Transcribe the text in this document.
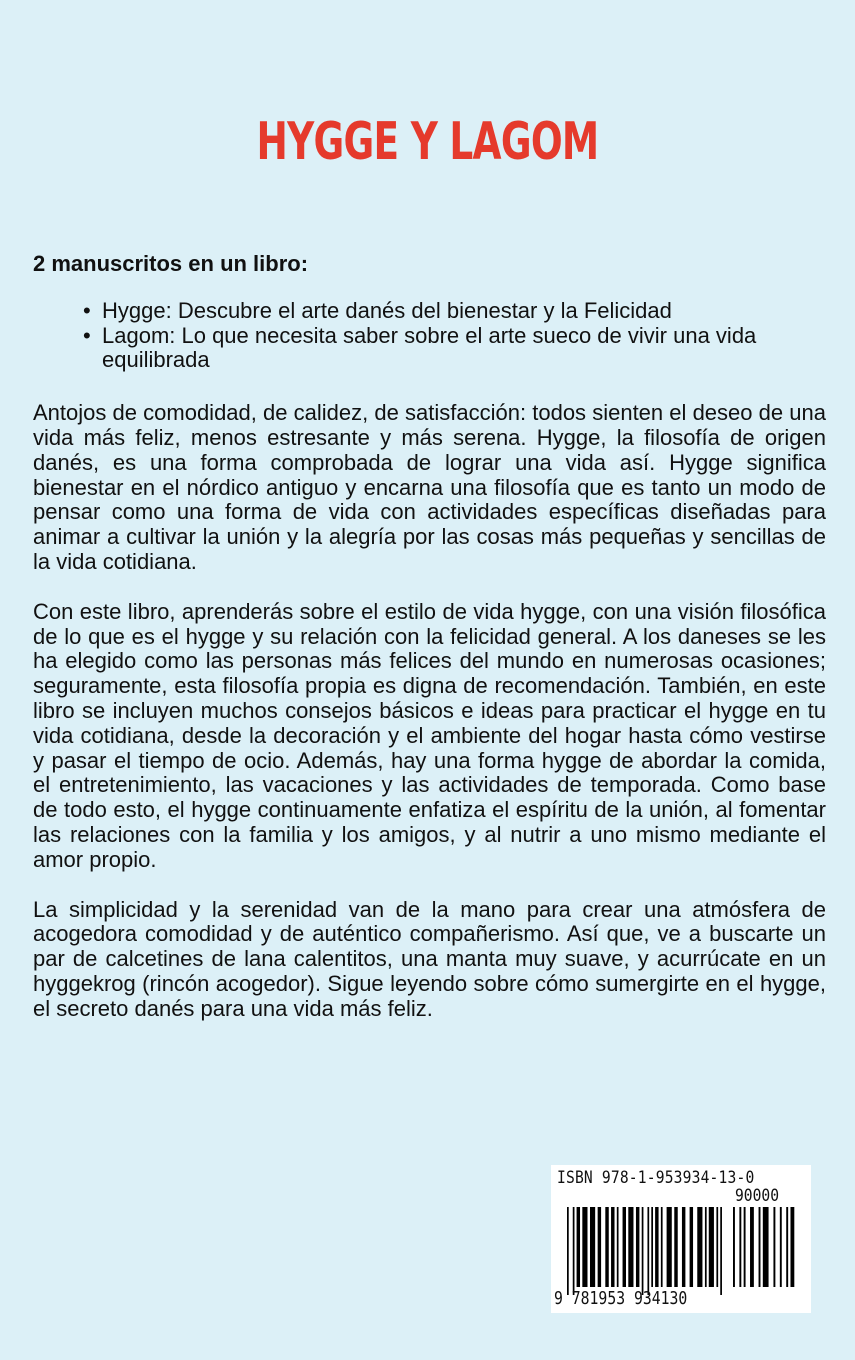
HYGGE Y LAGOM
2 manuscritos en un libro:
• Hygge: Descubre el arte danés del bienestar y la Felicidad
• Lagom: Lo que necesita saber sobre el arte sueco de vivir una vida equilibrada

Antojos de comodidad, de calidez, de satisfacción: todos sienten el deseo de una vida más feliz, menos estresante y más serena. Hygge, la filosofía de origen danés, es una forma comprobada de lograr una vida así. Hygge significa bienestar en el nórdico antiguo y encarna una filosofía que es tanto un modo de pensar como una forma de vida con actividades específicas diseñadas para animar a cultivar la unión y la alegría por las cosas más pequeñas y sencillas de la vida cotidiana.

Con este libro, aprenderás sobre el estilo de vida hygge, con una visión filosófica de lo que es el hygge y su relación con la felicidad general. A los daneses se les ha elegido como las personas más felices del mundo en numerosas ocasiones; seguramente, esta filosofía propia es digna de recomendación. También, en este libro se incluyen muchos consejos básicos e ideas para practicar el hygge en tu vida cotidiana, desde la decoración y el ambiente del hogar hasta cómo vestirse y pasar el tiempo de ocio. Además, hay una forma hygge de abordar la comida, el entretenimiento, las vacaciones y las actividades de temporada. Como base de todo esto, el hygge continuamente enfatiza el espíritu de la unión, al fomentar las relaciones con la familia y los amigos, y al nutrir a uno mismo mediante el amor propio.

La simplicidad y la serenidad van de la mano para crear una atmósfera de acogedora comodidad y de auténtico compañerismo. Así que, ve a buscarte un par de calcetines de lana calentitos, una manta muy suave, y acurrúcate en un hyggekrog (rincón acogedor). Sigue leyendo sobre cómo sumergirte en el hygge, el secreto danés para una vida más feliz.

ISBN 978-1-953934-13-0
90000
9 781953 934130
